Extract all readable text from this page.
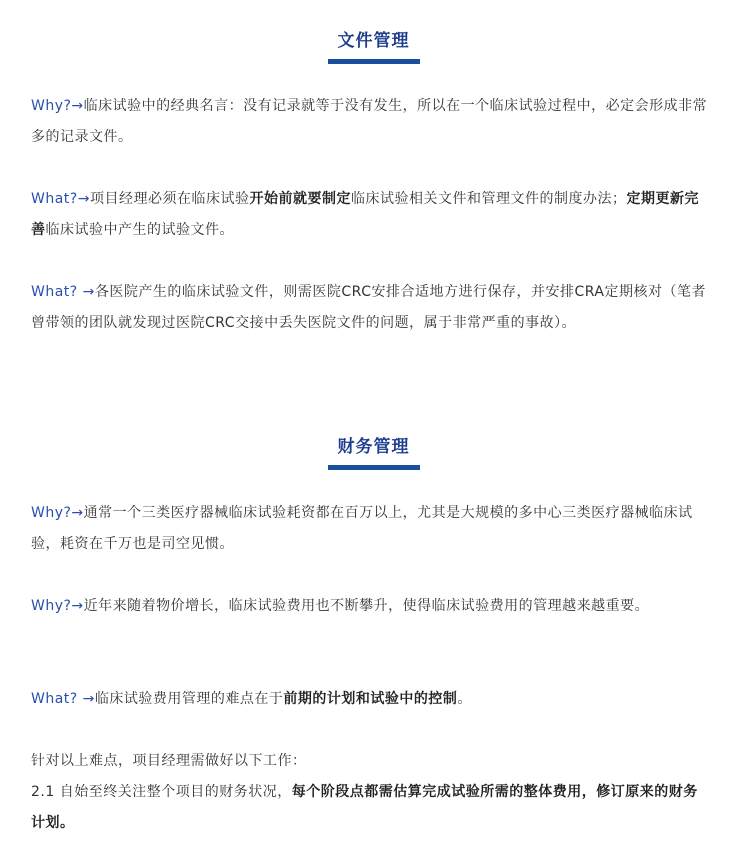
文件管理
Why?→临床试验中的经典名言：没有记录就等于没有发生，所以在一个临床试验过程中，必定会形成非常多的记录文件。
What?→项目经理必须在临床试验开始前就要制定临床试验相关文件和管理文件的制度办法；定期更新完善临床试验中产生的试验文件。
What? →各医院产生的临床试验文件，则需医院CRC安排合适地方进行保存，并安排CRA定期核对（笔者曾带领的团队就发现过医院CRC交接中丢失医院文件的问题，属于非常严重的事故）。
财务管理
Why?→通常一个三类医疗器械临床试验耗资都在百万以上，尤其是大规模的多中心三类医疗器械临床试验，耗资在千万也是司空见惯。
Why?→近年来随着物价增长，临床试验费用也不断攀升，使得临床试验费用的管理越来越重要。
What? →临床试验费用管理的难点在于前期的计划和试验中的控制。
针对以上难点，项目经理需做好以下工作：
2.1 自始至终关注整个项目的财务状况，每个阶段点都需估算完成试验所需的整体费用，修订原来的财务计划。
